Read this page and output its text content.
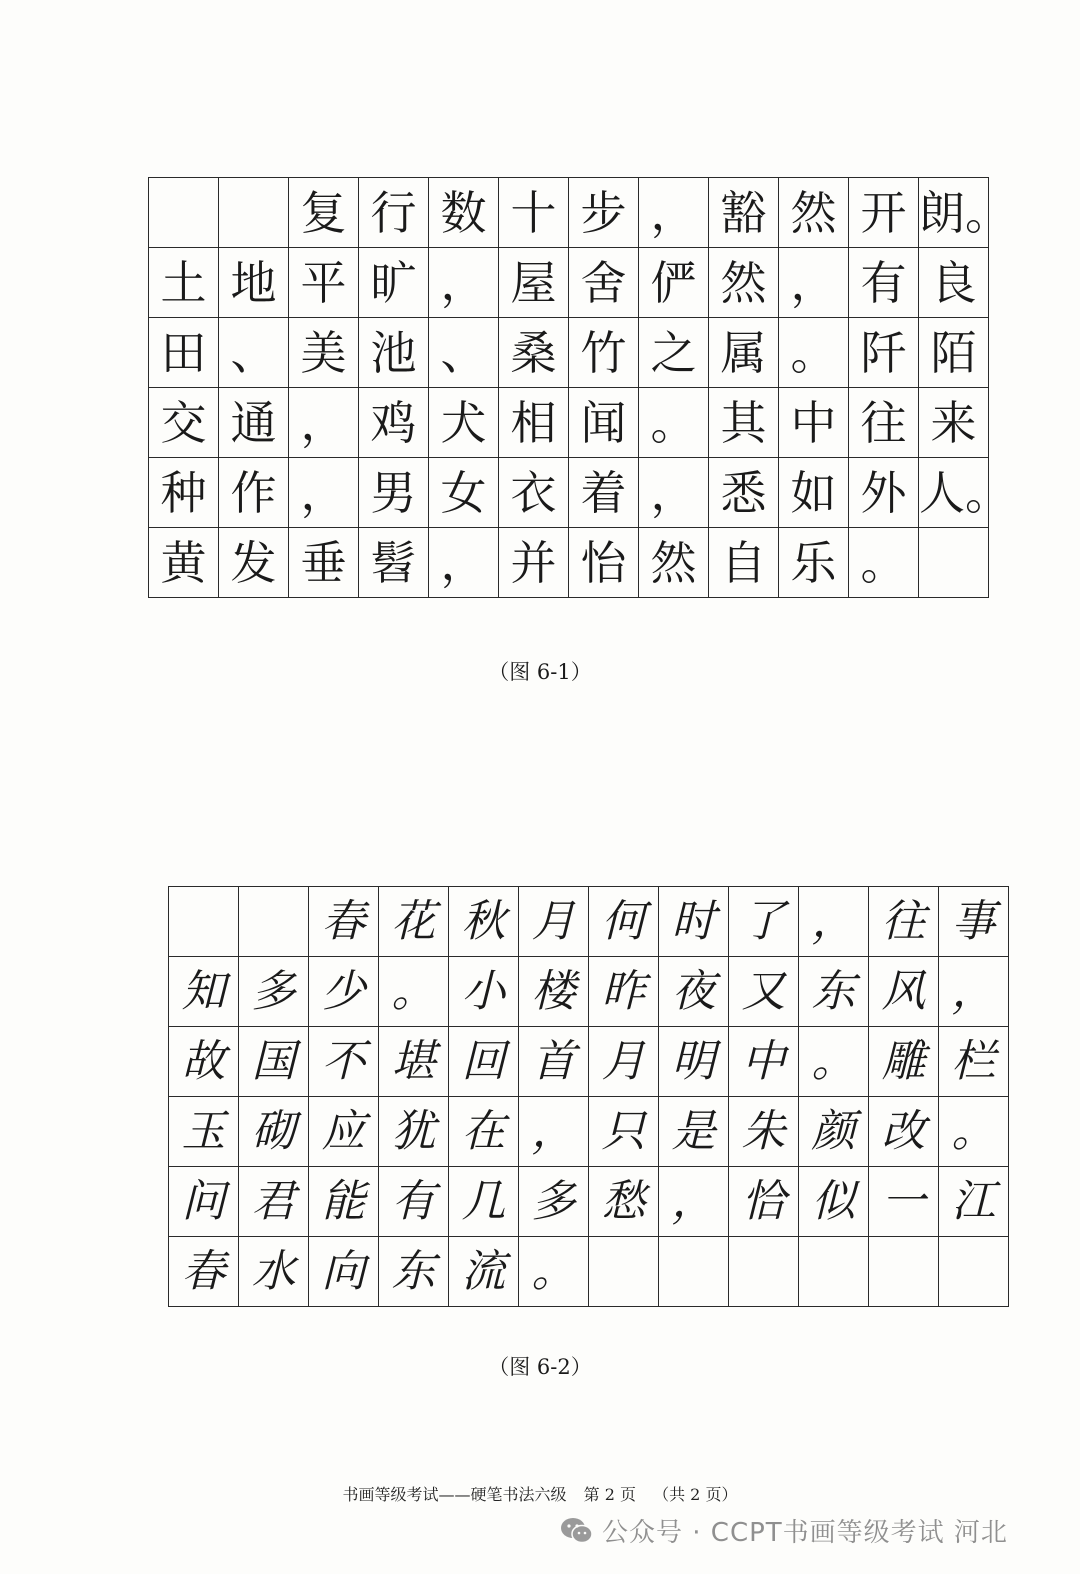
		复	行	数	十	步	，	豁	然	开	朗。
土	地	平	旷	，	屋	舍	俨	然	，	有	良
田	、	美	池	、	桑	竹	之	属	。	阡	陌
交	通	，	鸡	犬	相	闻	。	其	中	往	来
种	作	，	男	女	衣	着	，	悉	如	外	人。
黄	发	垂	髫	，	并	怡	然	自	乐	。	
（图 6-1）
		春	花	秋	月	何	时	了	，	往	事
知	多	少	。	小	楼	昨	夜	又	东	风	，
故	国	不	堪	回	首	月	明	中	。	雕	栏
玉	砌	应	犹	在	，	只	是	朱	颜	改	。
问	君	能	有	几	多	愁	，	恰	似	一	江
春	水	向	东	流	。						
（图 6-2）
书画等级考试——硬笔书法六级 第 2 页 （共 2 页）
公众号 · CCPT书画等级考试 河北
